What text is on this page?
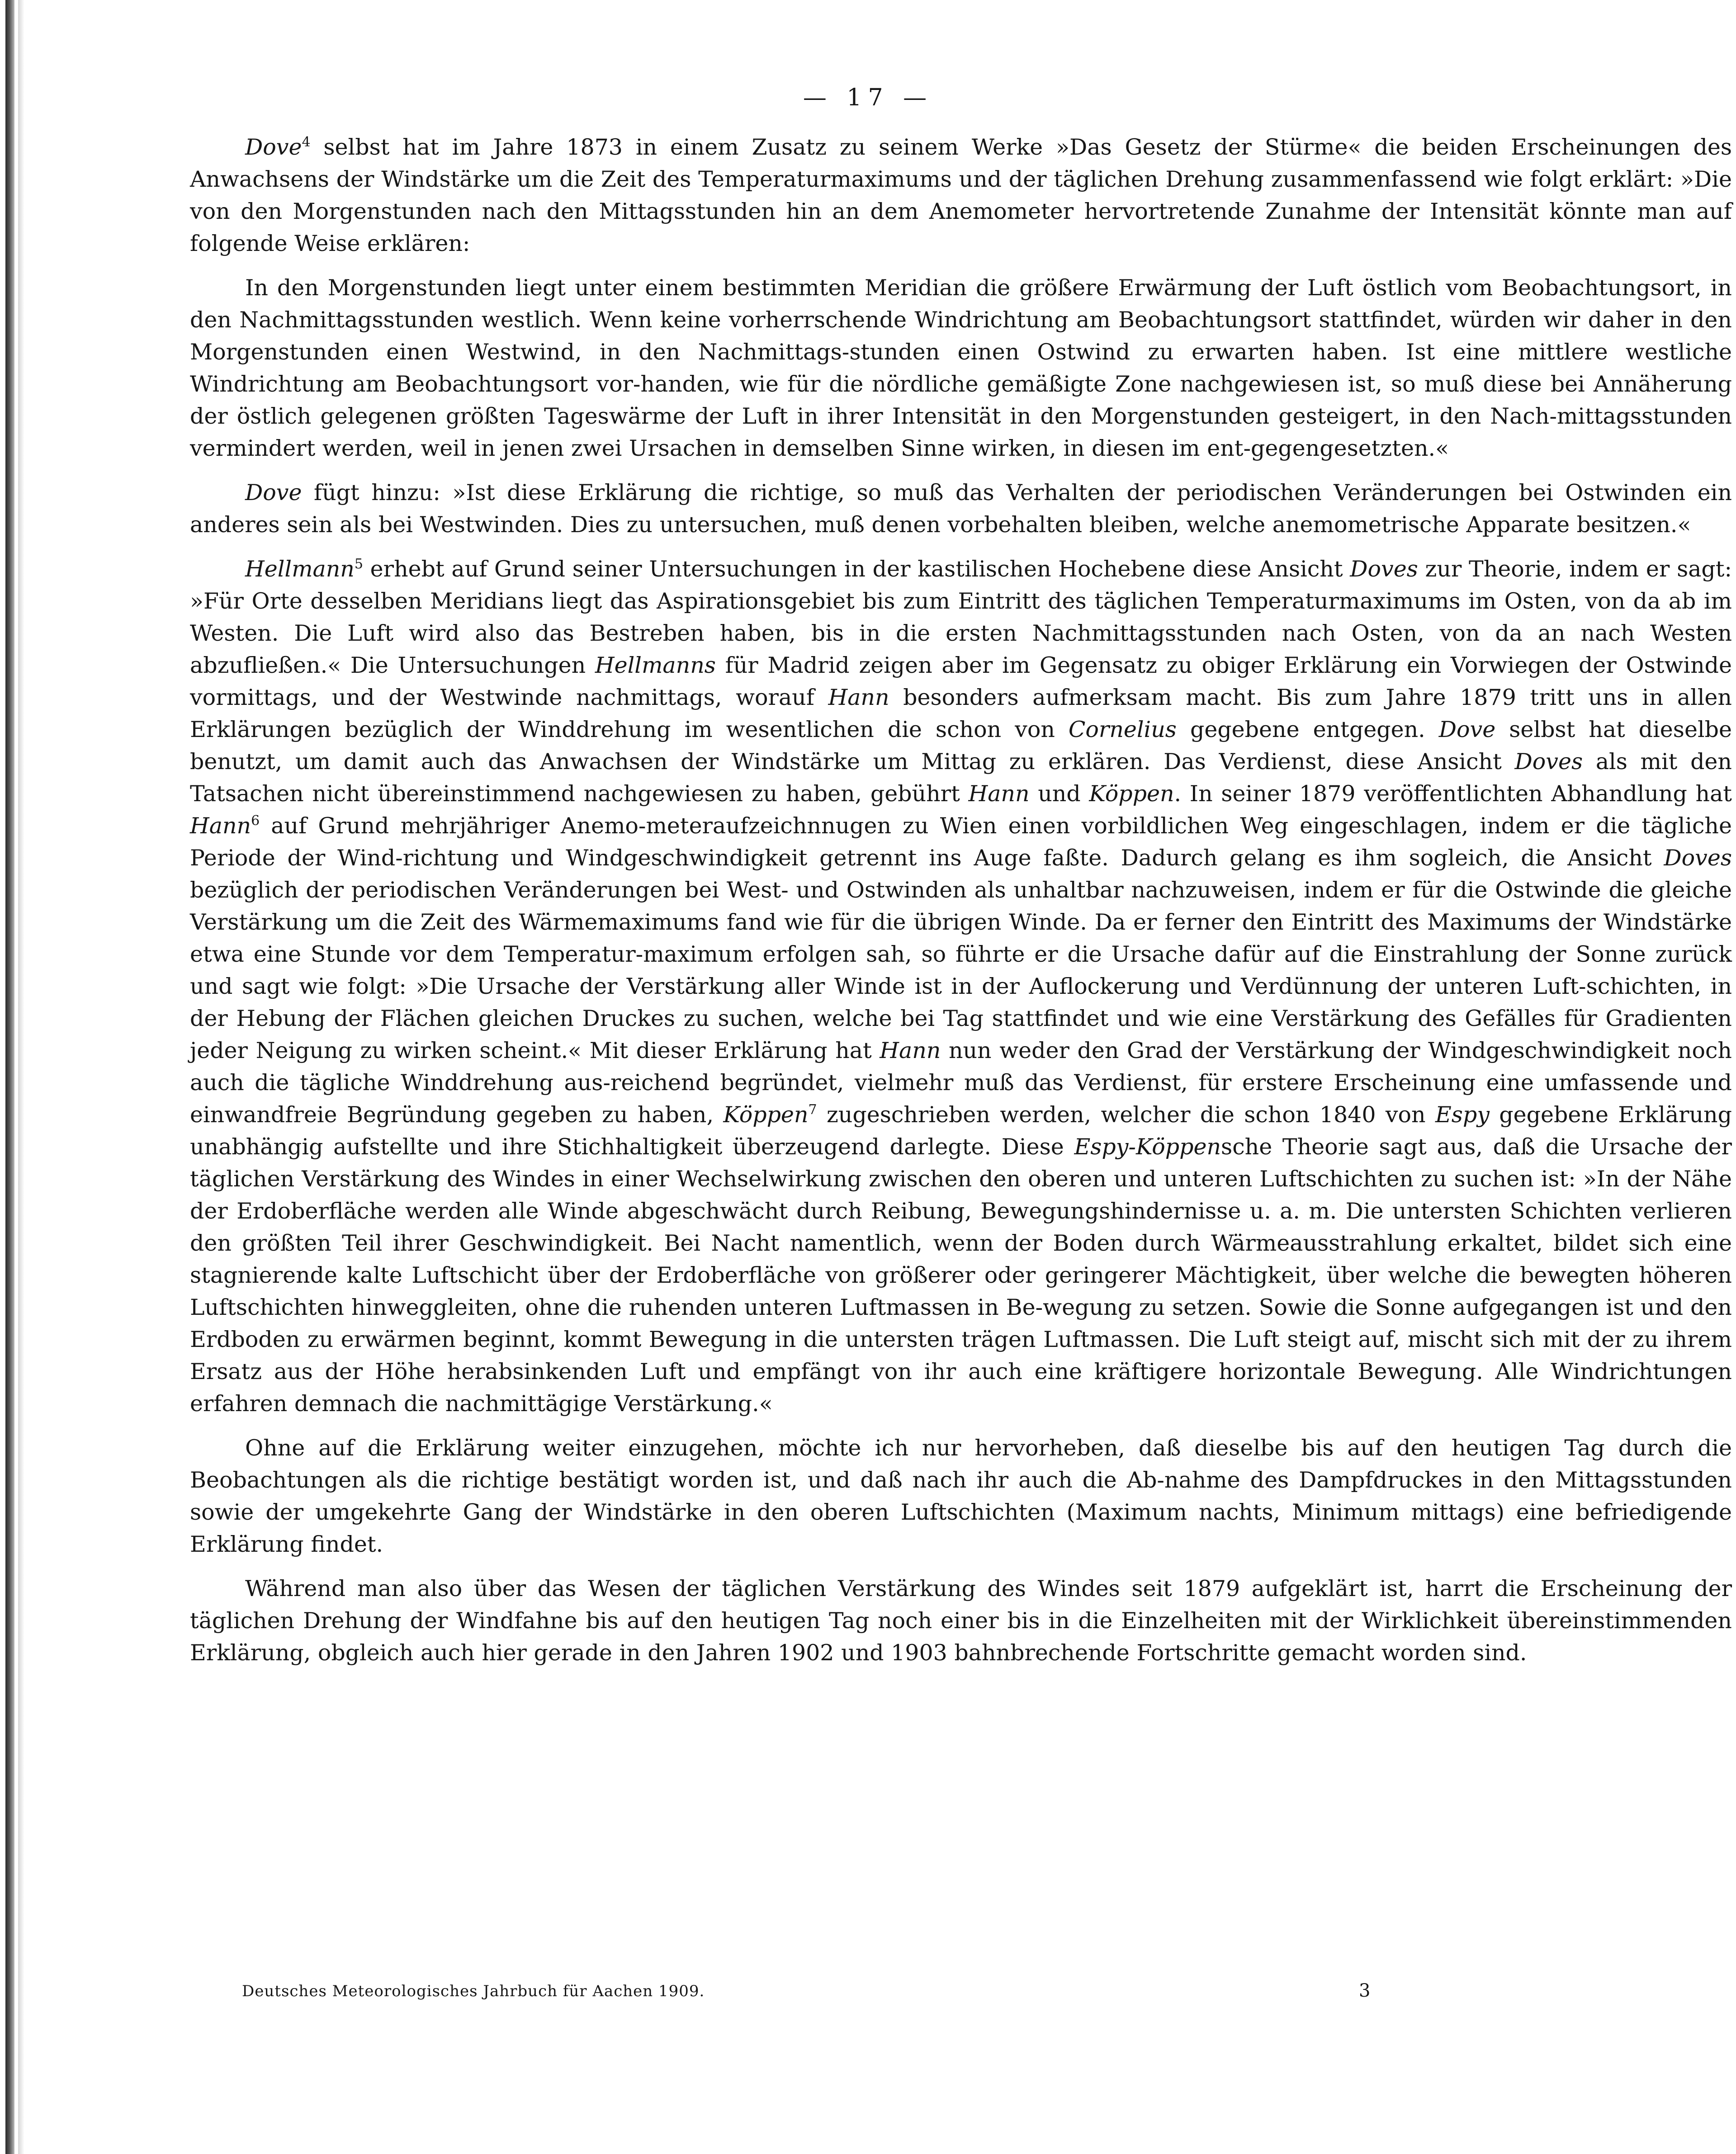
— 17 —

Dove$^4$ selbst hat im Jahre 1873 in einem Zusatz zu seinem Werke »Das Gesetz der Stürme« die beiden Erscheinungen des Anwachsens der Windstärke um die Zeit des Temperaturmaximums und der täglichen Drehung zusammenfassend wie folgt erklärt: »Die von den Morgenstunden nach den Mittagsstunden hin an dem Anemometer hervortretende Zunahme der Intensität könnte man auf folgende Weise erklären:

In den Morgenstunden liegt unter einem bestimmten Meridian die größere Erwärmung der Luft östlich vom Beobachtungsort, in den Nachmittagsstunden westlich. Wenn keine vorherrschende Windrichtung am Beobachtungsort stattfindet, würden wir daher in den Morgenstunden einen Westwind, in den Nachmittags-stunden einen Ostwind zu erwarten haben. Ist eine mittlere westliche Windrichtung am Beobachtungsort vor-handen, wie für die nördliche gemäßigte Zone nachgewiesen ist, so muß diese bei Annäherung der östlich gelegenen größten Tageswärme der Luft in ihrer Intensität in den Morgenstunden gesteigert, in den Nach-mittagsstunden vermindert werden, weil in jenen zwei Ursachen in demselben Sinne wirken, in diesen im ent-gegengesetzten.«

Dove fügt hinzu: »Ist diese Erklärung die richtige, so muß das Verhalten der periodischen Veränderungen bei Ostwinden ein anderes sein als bei Westwinden. Dies zu untersuchen, muß denen vorbehalten bleiben, welche anemometrische Apparate besitzen.«

Hellmann$^5$ erhebt auf Grund seiner Untersuchungen in der kastilischen Hochebene diese Ansicht Doves zur Theorie, indem er sagt: »Für Orte desselben Meridians liegt das Aspirationsgebiet bis zum Eintritt des täglichen Temperaturmaximums im Osten, von da ab im Westen. Die Luft wird also das Bestreben haben, bis in die ersten Nachmittagsstunden nach Osten, von da an nach Westen abzufließen.« Die Untersuchungen Hellmanns für Madrid zeigen aber im Gegensatz zu obiger Erklärung ein Vorwiegen der Ostwinde vormittags, und der Westwinde nachmittags, worauf Hann besonders aufmerksam macht. Bis zum Jahre 1879 tritt uns in allen Erklärungen bezüglich der Winddrehung im wesentlichen die schon von Cornelius gegebene entgegen. Dove selbst hat dieselbe benutzt, um damit auch das Anwachsen der Windstärke um Mittag zu erklären. Das Verdienst, diese Ansicht Doves als mit den Tatsachen nicht übereinstimmend nachgewiesen zu haben, gebührt Hann und Köppen. In seiner 1879 veröffentlichten Abhandlung hat Hann$^6$ auf Grund mehrjähriger Anemo-meteraufzeichnnugen zu Wien einen vorbildlichen Weg eingeschlagen, indem er die tägliche Periode der Wind-richtung und Windgeschwindigkeit getrennt ins Auge faßte. Dadurch gelang es ihm sogleich, die Ansicht Doves bezüglich der periodischen Veränderungen bei West- und Ostwinden als unhaltbar nachzuweisen, indem er für die Ostwinde die gleiche Verstärkung um die Zeit des Wärmemaximums fand wie für die übrigen Winde. Da er ferner den Eintritt des Maximums der Windstärke etwa eine Stunde vor dem Temperatur-maximum erfolgen sah, so führte er die Ursache dafür auf die Einstrahlung der Sonne zurück und sagt wie folgt: »Die Ursache der Verstärkung aller Winde ist in der Auflockerung und Verdünnung der unteren Luft-schichten, in der Hebung der Flächen gleichen Druckes zu suchen, welche bei Tag stattfindet und wie eine Verstärkung des Gefälles für Gradienten jeder Neigung zu wirken scheint.« Mit dieser Erklärung hat Hann nun weder den Grad der Verstärkung der Windgeschwindigkeit noch auch die tägliche Winddrehung aus-reichend begründet, vielmehr muß das Verdienst, für erstere Erscheinung eine umfassende und einwandfreie Begründung gegeben zu haben, Köppen$^7$ zugeschrieben werden, welcher die schon 1840 von Espy gegebene Erklärung unabhängig aufstellte und ihre Stichhaltigkeit überzeugend darlegte. Diese Espy-Köppensche Theorie sagt aus, daß die Ursache der täglichen Verstärkung des Windes in einer Wechselwirkung zwischen den oberen und unteren Luftschichten zu suchen ist: »In der Nähe der Erdoberfläche werden alle Winde abgeschwächt durch Reibung, Bewegungshindernisse u. a. m. Die untersten Schichten verlieren den größten Teil ihrer Geschwindigkeit. Bei Nacht namentlich, wenn der Boden durch Wärmeausstrahlung erkaltet, bildet sich eine stagnierende kalte Luftschicht über der Erdoberfläche von größerer oder geringerer Mächtigkeit, über welche die bewegten höheren Luftschichten hinweggleiten, ohne die ruhenden unteren Luftmassen in Be-wegung zu setzen. Sowie die Sonne aufgegangen ist und den Erdboden zu erwärmen beginnt, kommt Bewegung in die untersten trägen Luftmassen. Die Luft steigt auf, mischt sich mit der zu ihrem Ersatz aus der Höhe herabsinkenden Luft und empfängt von ihr auch eine kräftigere horizontale Bewegung. Alle Windrichtungen erfahren demnach die nachmittägige Verstärkung.«

Ohne auf die Erklärung weiter einzugehen, möchte ich nur hervorheben, daß dieselbe bis auf den heutigen Tag durch die Beobachtungen als die richtige bestätigt worden ist, und daß nach ihr auch die Ab-nahme des Dampfdruckes in den Mittagsstunden sowie der umgekehrte Gang der Windstärke in den oberen Luftschichten (Maximum nachts, Minimum mittags) eine befriedigende Erklärung findet.

Während man also über das Wesen der täglichen Verstärkung des Windes seit 1879 aufgeklärt ist, harrt die Erscheinung der täglichen Drehung der Windfahne bis auf den heutigen Tag noch einer bis in die Einzelheiten mit der Wirklichkeit übereinstimmenden Erklärung, obgleich auch hier gerade in den Jahren 1902 und 1903 bahnbrechende Fortschritte gemacht worden sind.

Deutsches Meteorologisches Jahrbuch für Aachen 1909.	3
